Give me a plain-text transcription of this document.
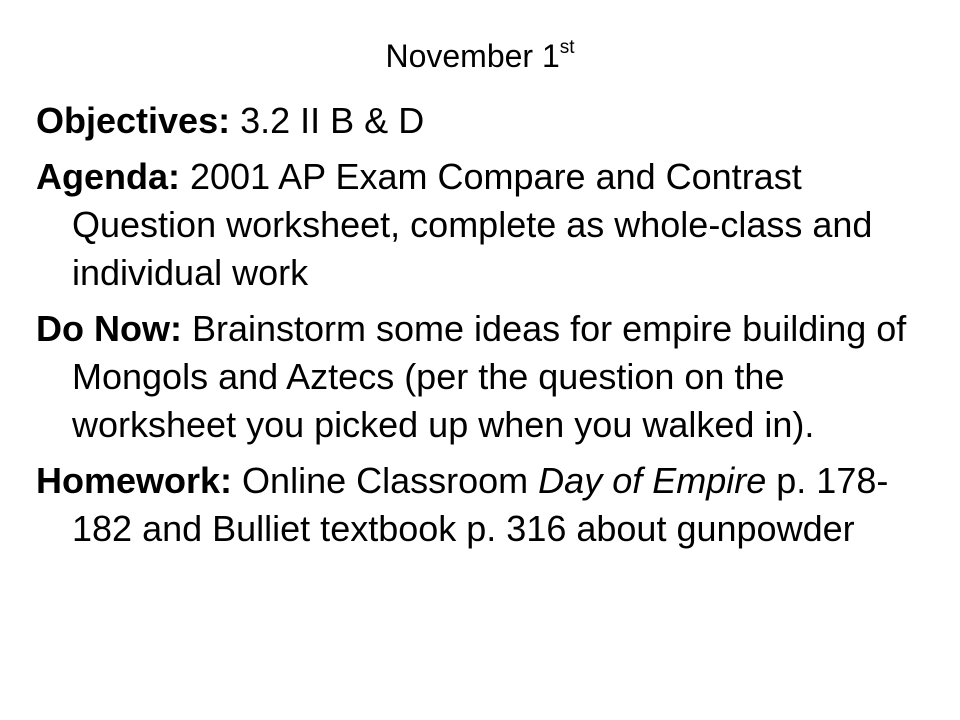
November 1st

Objectives: 3.2 II B & D

Agenda: 2001 AP Exam Compare and Contrast Question worksheet, complete as whole-class and individual work

Do Now: Brainstorm some ideas for empire building of Mongols and Aztecs (per the question on the worksheet you picked up when you walked in).

Homework: Online Classroom Day of Empire p. 178-182 and Bulliet textbook p. 316 about gunpowder
